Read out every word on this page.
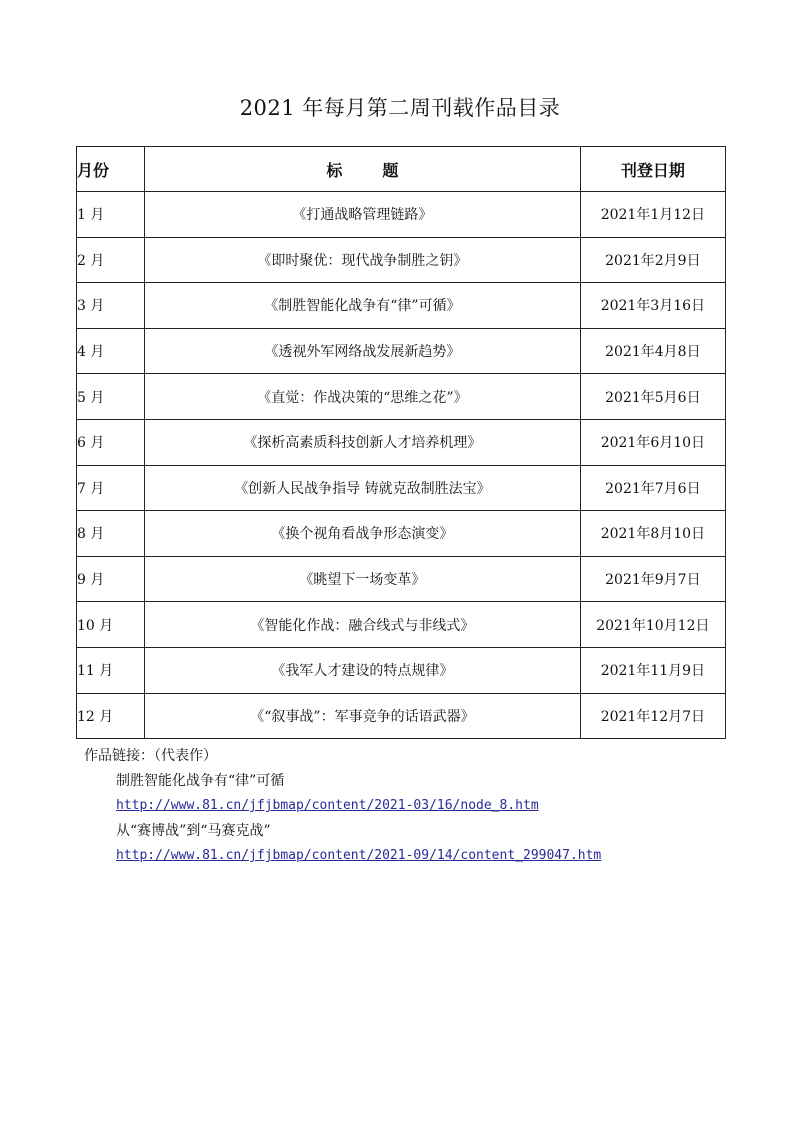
2021 年每月第二周刊载作品目录
月份	标题	刊登日期
1 月	《打通战略管理链路》	2021年1月12日
2 月	《即时聚优：现代战争制胜之钥》	2021年2月9日
3 月	《制胜智能化战争有“律”可循》	2021年3月16日
4 月	《透视外军网络战发展新趋势》	2021年4月8日
5 月	《直觉：作战决策的“思维之花”》	2021年5月6日
6 月	《探析高素质科技创新人才培养机理》	2021年6月10日
7 月	《创新人民战争指导 铸就克敌制胜法宝》	2021年7月6日
8 月	《换个视角看战争形态演变》	2021年8月10日
9 月	《眺望下一场变革》	2021年9月7日
10 月	《智能化作战：融合线式与非线式》	2021年10月12日
11 月	《我军人才建设的特点规律》	2021年11月9日
12 月	《“叙事战”：军事竞争的话语武器》	2021年12月7日
作品链接：（代表作）
制胜智能化战争有“律”可循
http://www.81.cn/jfjbmap/content/2021-03/16/node_8.htm
从“赛博战”到“马赛克战”
http://www.81.cn/jfjbmap/content/2021-09/14/content_299047.htm
